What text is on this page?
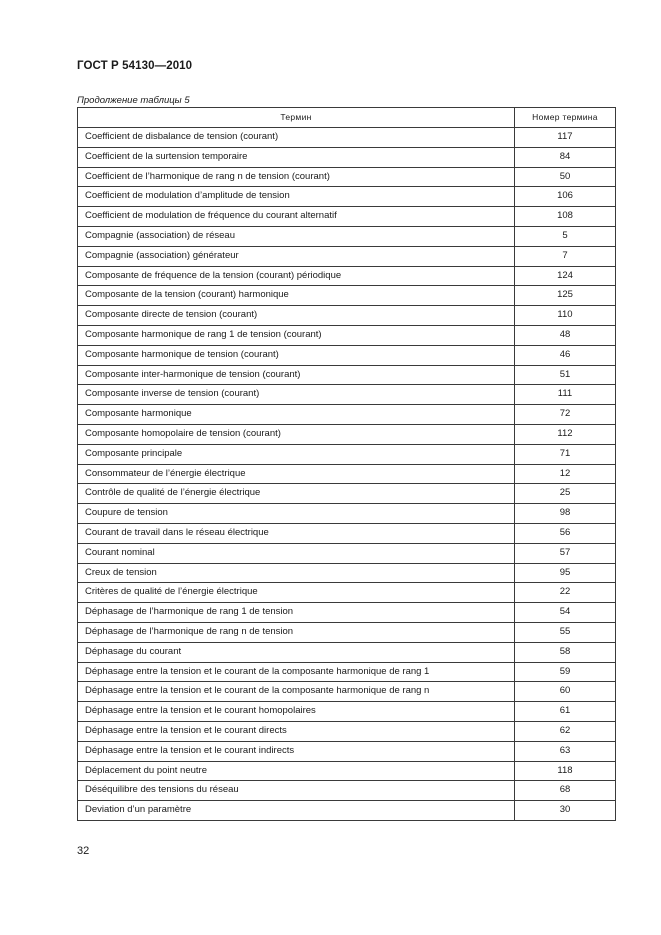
ГОСТ Р 54130—2010
Продолжение таблицы 5
Термин	Номер термина
Coefficient de disbalance de tension (courant)	117
Coefficient de la surtension temporaire	84
Coefficient de l’harmonique de rang n de tension (courant)	50
Coefficient de modulation d’amplitude de tension	106
Coefficient de modulation de fréquence du courant alternatif	108
Compagnie (association) de réseau	5
Compagnie (association) générateur	7
Composante de fréquence de la tension (courant) périodique	124
Composante de la tension (courant) harmonique	125
Composante directe de tension (courant)	110
Composante harmonique de rang 1 de tension (courant)	48
Composante harmonique de tension (courant)	46
Composante inter-harmonique de tension (courant)	51
Composante inverse de tension (courant)	111
Composante harmonique	72
Composante homopolaire de tension (courant)	112
Composante principale	71
Consommateur de l’énergie électrique	12
Contrôle de qualité de l’énergie électrique	25
Coupure de tension	98
Courant de travail dans le réseau électrique	56
Courant nominal	57
Creux de tension	95
Critères de qualité de l’énergie électrique	22
Déphasage de l’harmonique de rang 1 de tension	54
Déphasage de l’harmonique de rang n de tension	55
Déphasage du courant	58
Déphasage entre la tension et le courant de la composante harmonique de rang 1	59
Déphasage entre la tension et le courant de la composante harmonique de rang n	60
Déphasage entre la tension et le courant homopolaires	61
Déphasage entre la tension et le courant directs	62
Déphasage entre la tension et le courant indirects	63
Déplacement du point neutre	118
Déséquilibre des tensions du réseau	68
Deviation d’un paramètre	30
32
